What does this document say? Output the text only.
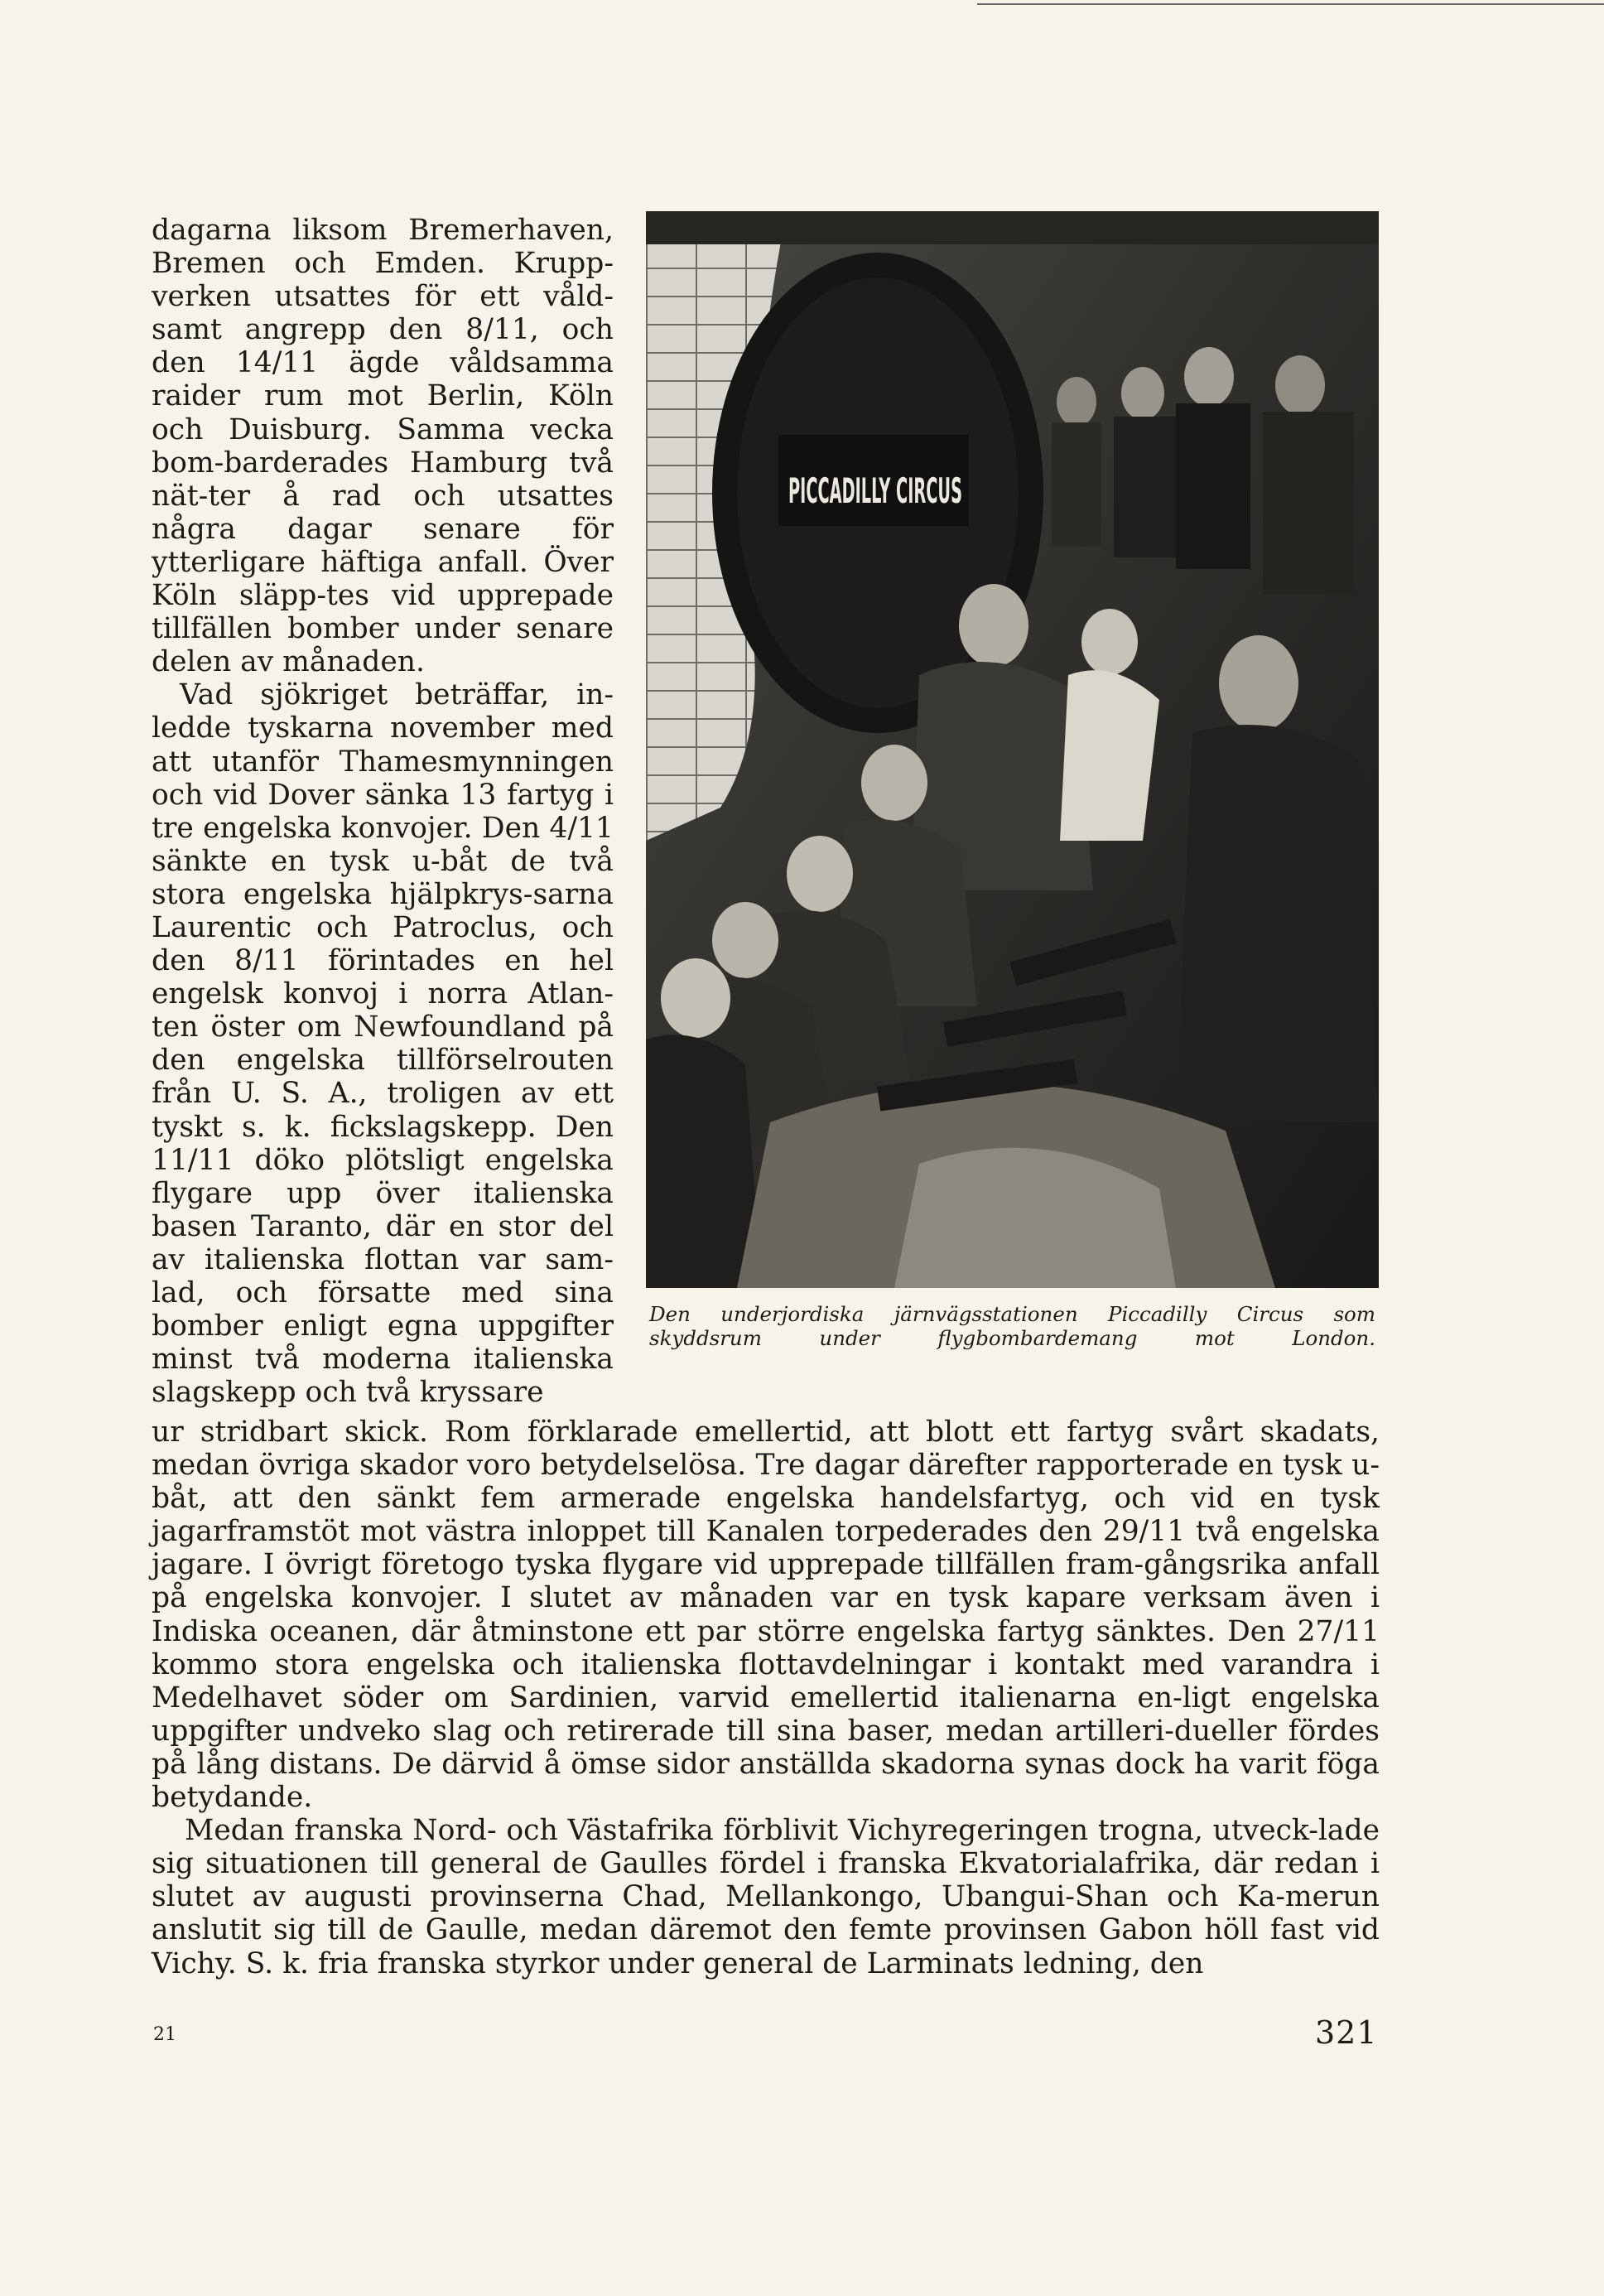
dagarna liksom Bremerhaven, Bremen och Emden. Krupp-verken utsattes för ett våld-samt angrepp den 8/11, och den 14/11 ägde våldsamma raider rum mot Berlin, Köln och Duisburg. Samma vecka bom-barderades Hamburg två nät-ter å rad och utsattes några dagar senare för ytterligare häftiga anfall. Över Köln släpp-tes vid upprepade tillfällen bomber under senare delen av månaden.

Vad sjökriget beträffar, in-ledde tyskarna november med att utanför Thamesmynningen och vid Dover sänka 13 fartyg i tre engelska konvojer. Den 4/11 sänkte en tysk u-båt de två stora engelska hjälpkrys-sarna Laurentic och Patroclus, och den 8/11 förintades en hel engelsk konvoj i norra Atlan-ten öster om Newfoundland på den engelska tillförselrouten från U. S. A., troligen av ett tyskt s. k. fickslagskepp. Den 11/11 döko plötsligt engelska flygare upp över italienska basen Taranto, där en stor del av italienska flottan var sam-lad, och försatte med sina bomber enligt egna uppgifter minst två moderna italienska slagskepp och två kryssare

PICCADILLY CIRCUS
Den underjordiska järnvägsstationen Piccadilly Circus som skyddsrum under flygbombardemang mot London.

ur stridbart skick. Rom förklarade emellertid, att blott ett fartyg svårt skadats, medan övriga skador voro betydelselösa. Tre dagar därefter rapporterade en tysk u-båt, att den sänkt fem armerade engelska handelsfartyg, och vid en tysk jagarframstöt mot västra inloppet till Kanalen torpederades den 29/11 två engelska jagare. I övrigt företogo tyska flygare vid upprepade tillfällen fram-gångsrika anfall på engelska konvojer. I slutet av månaden var en tysk kapare verksam även i Indiska oceanen, där åtminstone ett par större engelska fartyg sänktes. Den 27/11 kommo stora engelska och italienska flottavdelningar i kontakt med varandra i Medelhavet söder om Sardinien, varvid emellertid italienarna en-ligt engelska uppgifter undveko slag och retirerade till sina baser, medan artilleri-dueller fördes på lång distans. De därvid å ömse sidor anställda skadorna synas dock ha varit föga betydande.

Medan franska Nord- och Västafrika förblivit Vichyregeringen trogna, utveck-lade sig situationen till general de Gaulles fördel i franska Ekvatorialafrika, där redan i slutet av augusti provinserna Chad, Mellankongo, Ubangui-Shan och Ka-merun anslutit sig till de Gaulle, medan däremot den femte provinsen Gabon höll fast vid Vichy. S. k. fria franska styrkor under general de Larminats ledning, den

21	321
